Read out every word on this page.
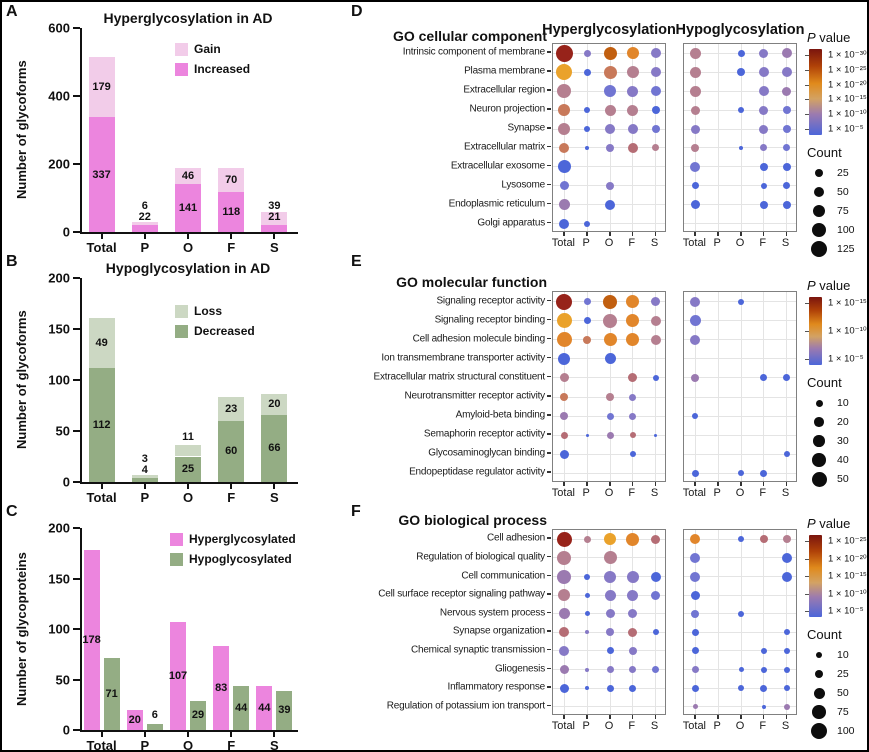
A	Hyperglycosylation in AD
Number of glycoforms
0
200
400
600
Total
337
179
P
22
6
O
141
46
F
118
70
S
21
39
Gain
Increased
B	Hypoglycosylation in AD
Number of glycoforms
0
50
100
150
200
Total
112
49
P
4
3
O
25
11
F
60
23
S
66
20
Loss
Decreased
C
Number of glycoproteins
0
50
100
150
200
Total
178
71
P
20 6
O
107
29
F
83
44
S
44 39
Hyperglycosylated
Hypoglycosylated
D
Hyperglycosylation Hypoglycosylation
GO cellular component
Intrinsic component of membrane
Plasma membrane
Extracellular region
Neuron projection
Synapse
Extracellular matrix
Extracellular exosome
Lysosome
Endoplasmic reticulum
Golgi apparatus
Total P O F S Total P O F S
P value
1 × 10⁻³⁰
1 × 10⁻²⁵
1 × 10⁻²⁰
1 × 10⁻¹⁵
1 × 10⁻¹⁰
1 × 10⁻⁵
Count
25
50
75
100
125
E
GO molecular function
Signaling receptor activity
Signaling receptor binding
Cell adhesion molecule binding
Ion transmembrane transporter activity
Extracellular matrix structural constituent
Neurotransmitter receptor activity
Amyloid-beta binding
Semaphorin receptor activity
Glycosaminoglycan binding
Endopeptidase regulator activity
Total P O F S Total P O F S
P value
1 × 10⁻¹⁵
1 × 10⁻¹⁰
1 × 10⁻⁵
Count
10
20
30
40
50
F	GO biological process
Cell adhesion
Regulation of biological quality
Cell communication
Cell surface receptor signaling pathway
Nervous system process
Synapse organization
Chemical synaptic transmission
Gliogenesis
Inflammatory response
Regulation of potassium ion transport
Total P O F S Total P O F S
P value
1 × 10⁻²⁵
1 × 10⁻²⁰
1 × 10⁻¹⁵
1 × 10⁻¹⁰
1 × 10⁻⁵
Count
10
25
50
75
100
